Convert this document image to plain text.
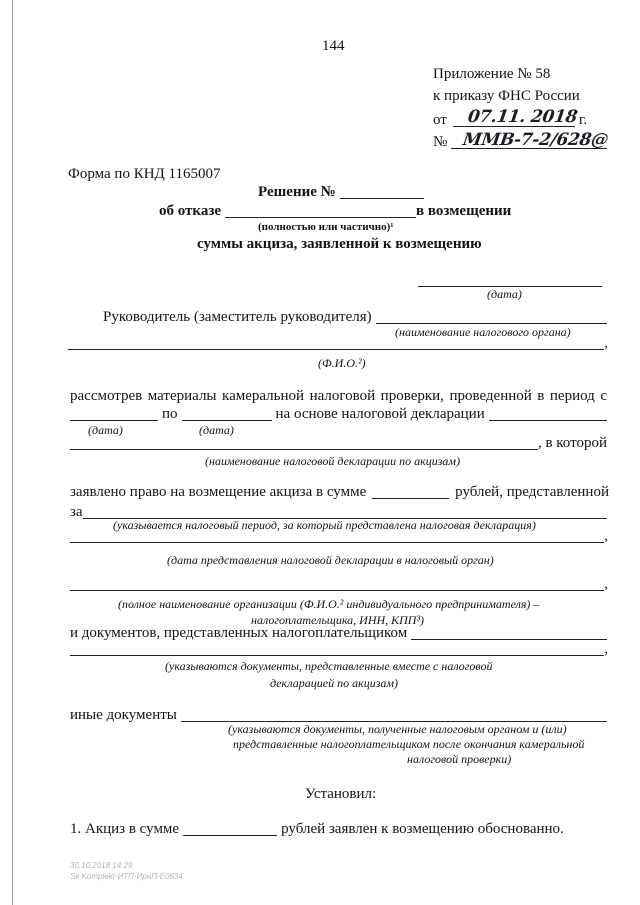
144
Приложение № 58
к приказу ФНС России
от	г.
07.11. 2018
№ ММВ-7-2/628@
Форма по КНД 1165007
Решение №
об отказе	в возмещении
(полностью или частично)¹
суммы акциза, заявленной к возмещению
(дата)
Руководитель (заместитель руководителя)
(наименование налогового органа)
,
(Ф.И.О.²)
рассмотрев материалы камеральной налоговой проверки, проведенной в период с
по	на основе налоговой декларации
(дата)	(дата)
, в которой
(наименование налоговой декларации по акцизам)
заявлено право на возмещение акциза в сумме	рублей, представленной
за
(указывается налоговый период, за который представлена налоговая декларация)
,
(дата представления налоговой декларации в налоговый орган)
,
(полное наименование организации (Ф.И.О.² индивидуального предпринимателя) –
налогоплательщика, ИНН, КПП³)
и документов, представленных налогоплательщиком
,
(указываются документы, представленные вместе с налоговой
декларацией по акцизам)
иные документы
(указываются документы, полученные налоговым органом и (или)
представленные налогоплательщиком после окончания камеральной
налоговой проверки)
Установил:
1. Акциз в сумме	рублей заявлен к возмещению обоснованно.
30.10.2018 14:29
Sk Komplekt-ИТП-ИрнП-E0634
